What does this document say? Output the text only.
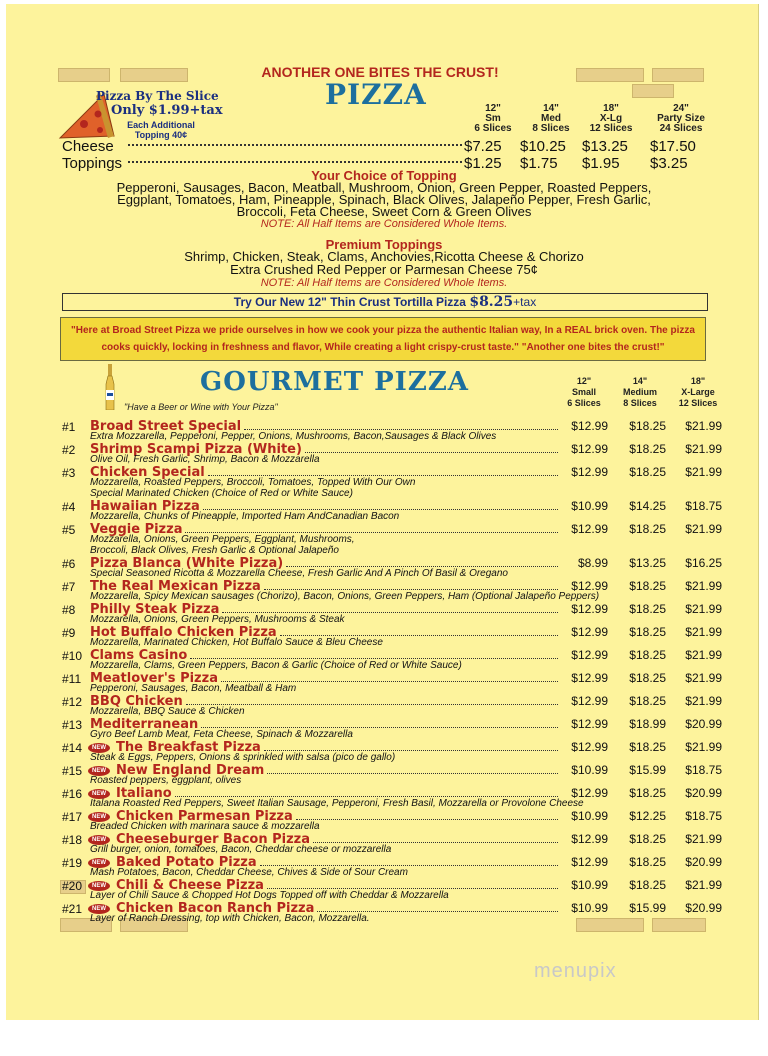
ANOTHER ONE BITES THE CRUST!
PIZZA
Pizza By The Slice
Only $1.99+tax
Each Additional
Topping 40¢
12"
Sm
6 Slices
14"
Med
8 Slices
18"
X-Lg
12 Slices
24"
Party Size
24 Slices
Cheese	$7.25 $10.25 $13.25 $17.50
Toppings	$1.25 $1.75 $1.95 $3.25
Your Choice of Topping
Pepperoni, Sausages, Bacon, Meatball, Mushroom, Onion, Green Pepper, Roasted Peppers,
Eggplant, Tomatoes, Ham, Pineapple, Spinach, Black Olives, Jalapeño Pepper, Fresh Garlic,
Broccoli, Feta Cheese, Sweet Corn & Green Olives
NOTE: All Half Items are Considered Whole Items.
Premium Toppings
Shrimp, Chicken, Steak, Clams, Anchovies,Ricotta Cheese & Chorizo
Extra Crushed Red Pepper or Parmesan Cheese 75¢
NOTE: All Half Items are Considered Whole Items.
Try Our New 12" Thin Crust Tortilla Pizza $8.25+tax
"Here at Broad Street Pizza we pride ourselves in how we cook your pizza the authentic Italian way, In a REAL brick oven. The pizza
cooks quickly, locking in freshness and flavor, While creating a light crispy-crust taste." "Another one bites the crust!"
GOURMET PIZZA
"Have a Beer or Wine with Your Pizza"
12"
Small
6 Slices
14"
Medium
8 Slices
18"
X-Large
12 Slices
#1 Broad Street Special	$12.99	$18.25	$21.99
Extra Mozzarella, Pepperoni, Pepper, Onions, Mushrooms, Bacon,Sausages & Black Olives
#2 Shrimp Scampi Pizza (White)	$12.99	$18.25	$21.99
Olive Oil, Fresh Garlic, Shrimp, Bacon & Mozzarella
#3 Chicken Special	$12.99	$18.25	$21.99
Mozzarella, Roasted Peppers, Broccoli, Tomatoes, Topped With Our Own
Special Marinated Chicken (Choice of Red or White Sauce)
#4 Hawaiian Pizza	$10.99	$14.25	$18.75
Mozzarella, Chunks of Pineapple, Imported Ham AndCanadian Bacon
#5 Veggie Pizza	$12.99	$18.25	$21.99
Mozzarella, Onions, Green Peppers, Eggplant, Mushrooms,
Broccoli, Black Olives, Fresh Garlic & Optional Jalapeño
#6 Pizza Blanca (White Pizza)	$8.99	$13.25	$16.25
Special Seasoned Ricotta & Mozzarella Cheese, Fresh Garlic And A Pinch Of Basil & Oregano
#7 The Real Mexican Pizza	$12.99	$18.25	$21.99
Mozzarella, Spicy Mexican sausages (Chorizo), Bacon, Onions, Green Peppers, Ham (Optional Jalapeño Peppers)
#8 Philly Steak Pizza	$12.99	$18.25	$21.99
Mozzarella, Onions, Green Peppers, Mushrooms & Steak
#9 Hot Buffalo Chicken Pizza	$12.99	$18.25	$21.99
Mozzarella, Marinated Chicken, Hot Buffalo Sauce & Bleu Cheese
#10 Clams Casino	$12.99	$18.25	$21.99
Mozzarella, Clams, Green Peppers, Bacon & Garlic (Choice of Red or White Sauce)
#11 Meatlover's Pizza	$12.99	$18.25	$21.99
Pepperoni, Sausages, Bacon, Meatball & Ham
#12 BBQ Chicken	$12.99	$18.25	$21.99
Mozzarella, BBQ Sauce & Chicken
#13 Mediterranean	$12.99	$18.99	$20.99
Gyro Beef Lamb Meat, Feta Cheese, Spinach & Mozzarella
#14	NEW The Breakfast Pizza	$12.99	$18.25	$21.99
Steak & Eggs, Peppers, Onions & sprinkled with salsa (pico de gallo)
#15	NEW New England Dream	$10.99	$15.99	$18.75
Roasted peppers, eggplant, olives
#16	NEW Italiano	$12.99	$18.25	$20.99
Italana Roasted Red Peppers, Sweet Italian Sausage, Pepperoni, Fresh Basil, Mozzarella or Provolone Cheese
#17	NEW Chicken Parmesan Pizza	$10.99	$12.25	$18.75
Breaded Chicken with marinara sauce & mozzarella
#18	NEW Cheeseburger Bacon Pizza	$12.99	$18.25	$21.99
Grill burger, onion, tomatoes, Bacon, Cheddar cheese or mozzarella
#19	NEW Baked Potato Pizza	$12.99	$18.25	$20.99
Mash Potatoes, Bacon, Cheddar Cheese, Chives & Side of Sour Cream
#20	NEW Chili & Cheese Pizza	$10.99	$18.25	$21.99
Layer of Chili Sauce & Chopped Hot Dogs Topped off with Cheddar & Mozzarella
#21	NEW Chicken Bacon Ranch Pizza	$10.99	$15.99	$20.99
Layer of Ranch Dressing, top with Chicken, Bacon, Mozzarella.
menupix
